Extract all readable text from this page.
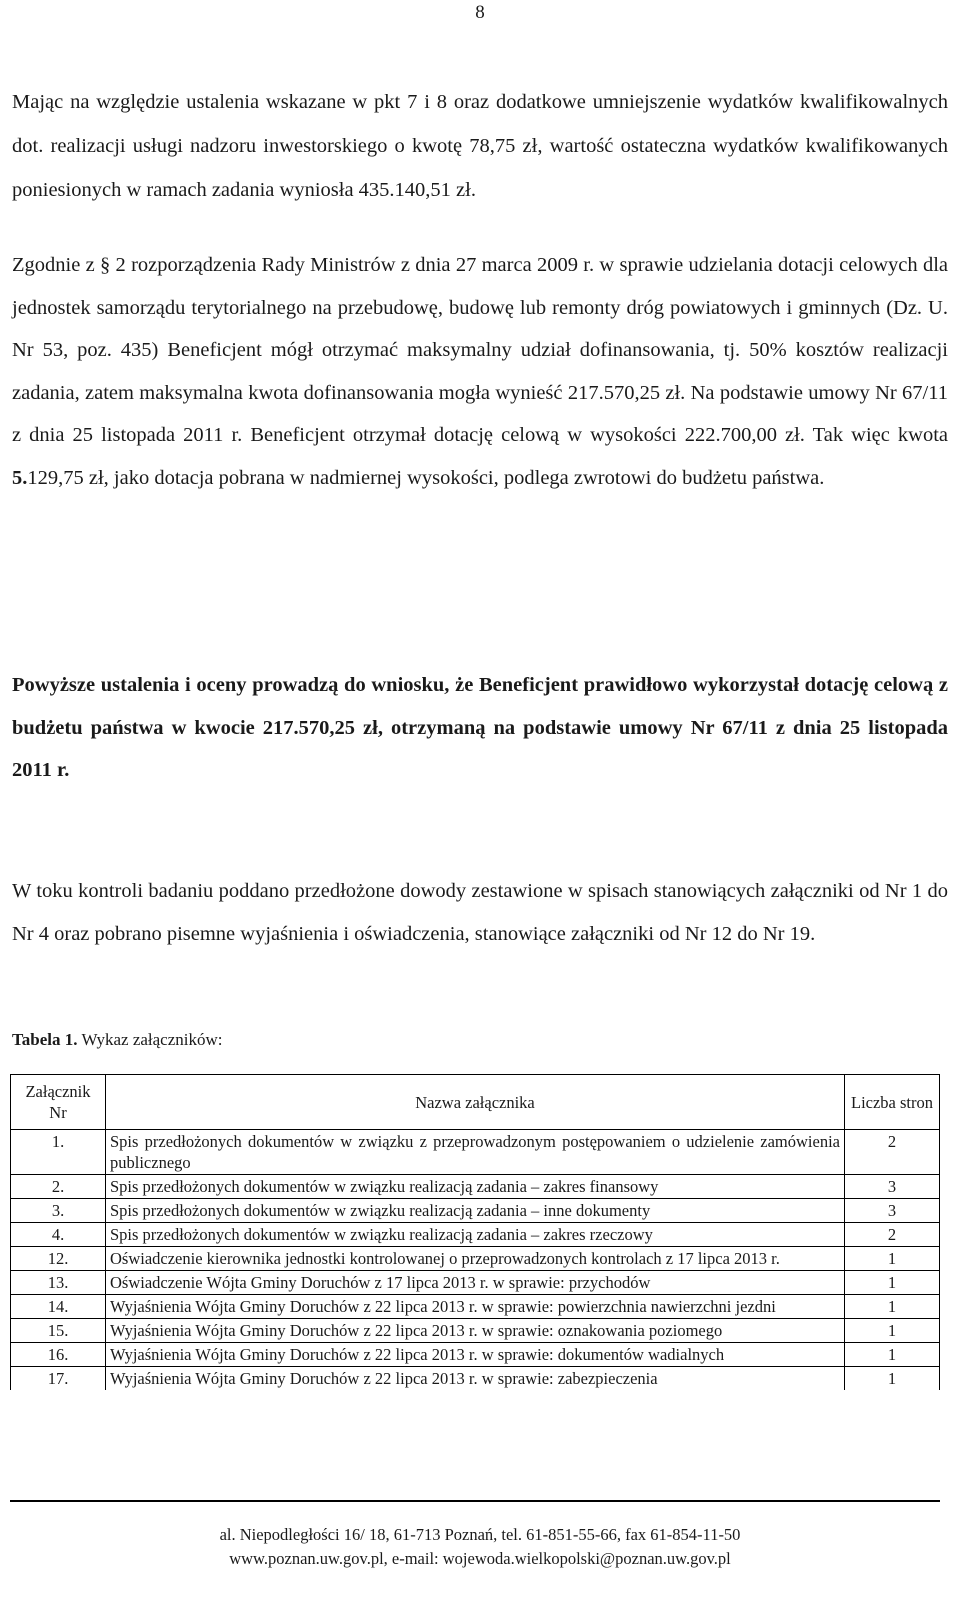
8

Mając na względzie ustalenia wskazane w pkt 7 i 8 oraz dodatkowe umniejszenie wydatków kwalifikowalnych dot. realizacji usługi nadzoru inwestorskiego o kwotę 78,75 zł, wartość ostateczna wydatków kwalifikowanych poniesionych w ramach zadania wyniosła 435.140,51 zł.

Zgodnie z § 2 rozporządzenia Rady Ministrów z dnia 27 marca 2009 r. w sprawie udzielania dotacji celowych dla jednostek samorządu terytorialnego na przebudowę, budowę lub remonty dróg powiatowych i gminnych (Dz. U. Nr 53, poz. 435) Beneficjent mógł otrzymać maksymalny udział dofinansowania, tj. 50% kosztów realizacji zadania, zatem maksymalna kwota dofinansowania mogła wynieść 217.570,25 zł. Na podstawie umowy Nr 67/11 z dnia 25 listopada 2011 r. Beneficjent otrzymał dotację celową w wysokości 222.700,00 zł. Tak więc kwota 5.129,75 zł, jako dotacja pobrana w nadmiernej wysokości, podlega zwrotowi do budżetu państwa.

Powyższe ustalenia i oceny prowadzą do wniosku, że Beneficjent prawidłowo wykorzystał dotację celową z budżetu państwa w kwocie 217.570,25 zł, otrzymaną na podstawie umowy Nr 67/11 z dnia 25 listopada 2011 r.

W toku kontroli badaniu poddano przedłożone dowody zestawione w spisach stanowiących załączniki od Nr 1 do Nr 4 oraz pobrano pisemne wyjaśnienia i oświadczenia, stanowiące załączniki od Nr 12 do Nr 19.

Tabela 1. Wykaz załączników:
Załącznik Nr	Nazwa załącznika	Liczba stron
1.	Spis przedłożonych dokumentów w związku z przeprowadzonym postępowaniem o udzielenie zamówienia publicznego	2
2.	Spis przedłożonych dokumentów w związku realizacją zadania – zakres finansowy	3
3.	Spis przedłożonych dokumentów w związku realizacją zadania – inne dokumenty	3
4.	Spis przedłożonych dokumentów w związku realizacją zadania – zakres rzeczowy	2
12.	Oświadczenie kierownika jednostki kontrolowanej o przeprowadzonych kontrolach z 17 lipca 2013 r.	1
13.	Oświadczenie Wójta Gminy Doruchów z 17 lipca 2013 r. w sprawie: przychodów	1
14.	Wyjaśnienia Wójta Gminy Doruchów z 22 lipca 2013 r. w sprawie: powierzchnia nawierzchni jezdni	1
15.	Wyjaśnienia Wójta Gminy Doruchów z 22 lipca 2013 r. w sprawie: oznakowania poziomego	1
16.	Wyjaśnienia Wójta Gminy Doruchów z 22 lipca 2013 r. w sprawie: dokumentów wadialnych	1
17.	Wyjaśnienia Wójta Gminy Doruchów z 22 lipca 2013 r. w sprawie: zabezpieczenia	1
al. Niepodległości 16/ 18, 61-713 Poznań, tel. 61-851-55-66, fax 61-854-11-50
www.poznan.uw.gov.pl, e-mail: wojewoda.wielkopolski@poznan.uw.gov.pl
